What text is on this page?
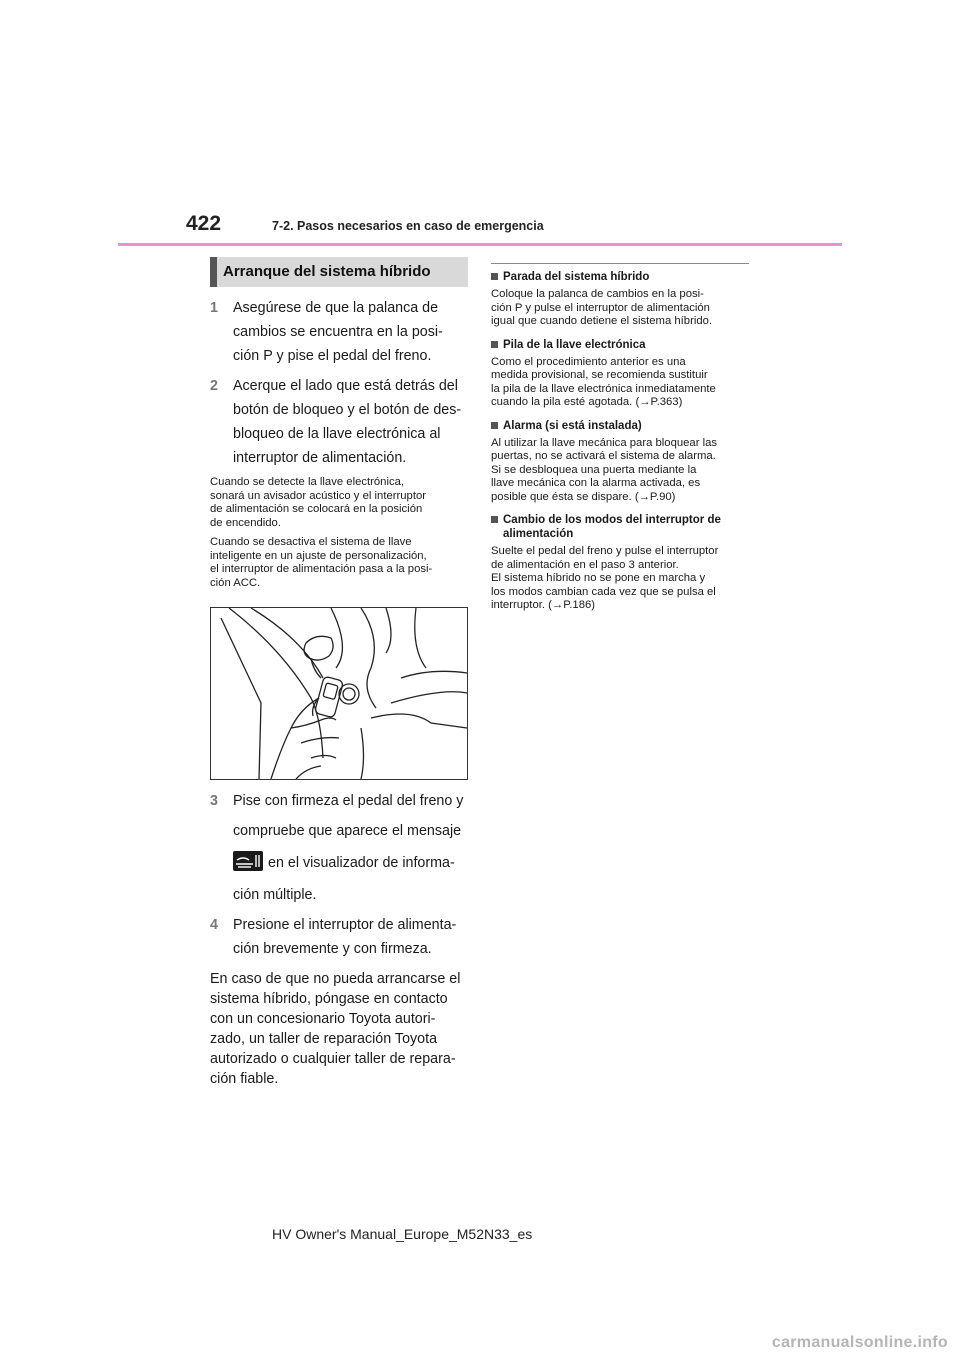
422	7-2. Pasos necesarios en caso de emergencia
Arranque del sistema híbrido
1	Asegúrese de que la palanca de
cambios se encuentra en la posi-
ción P y pise el pedal del freno.
2	Acerque el lado que está detrás del
botón de bloqueo y el botón de des-
bloqueo de la llave electrónica al
interruptor de alimentación.
Cuando se detecte la llave electrónica,
sonará un avisador acústico y el interruptor
de alimentación se colocará en la posición
de encendido.
Cuando se desactiva el sistema de llave
inteligente en un ajuste de personalización,
el interruptor de alimentación pasa a la posi-
ción ACC.
3	Pise con firmeza el pedal del freno y
compruebe que aparece el mensaje
en el visualizador de informa-
ción múltiple.
4	Presione el interruptor de alimenta-
ción brevemente y con firmeza.
En caso de que no pueda arrancarse el
sistema híbrido, póngase en contacto
con un concesionario Toyota autori-
zado, un taller de reparación Toyota
autorizado o cualquier taller de repara-
ción fiable.
Parada del sistema híbrido
Coloque la palanca de cambios en la posi-
ción P y pulse el interruptor de alimentación
igual que cuando detiene el sistema híbrido.
Pila de la llave electrónica
Como el procedimiento anterior es una
medida provisional, se recomienda sustituir
la pila de la llave electrónica inmediatamente
cuando la pila esté agotada. (→P.363)
Alarma (si está instalada)
Al utilizar la llave mecánica para bloquear las
puertas, no se activará el sistema de alarma.
Si se desbloquea una puerta mediante la
llave mecánica con la alarma activada, es
posible que ésta se dispare. (→P.90)
Cambio de los modos del interruptor de
alimentación
Suelte el pedal del freno y pulse el interruptor
de alimentación en el paso 3 anterior.
El sistema híbrido no se pone en marcha y
los modos cambian cada vez que se pulsa el
interruptor. (→P.186)
HV Owner's Manual_Europe_M52N33_es
carmanualsonline.info
